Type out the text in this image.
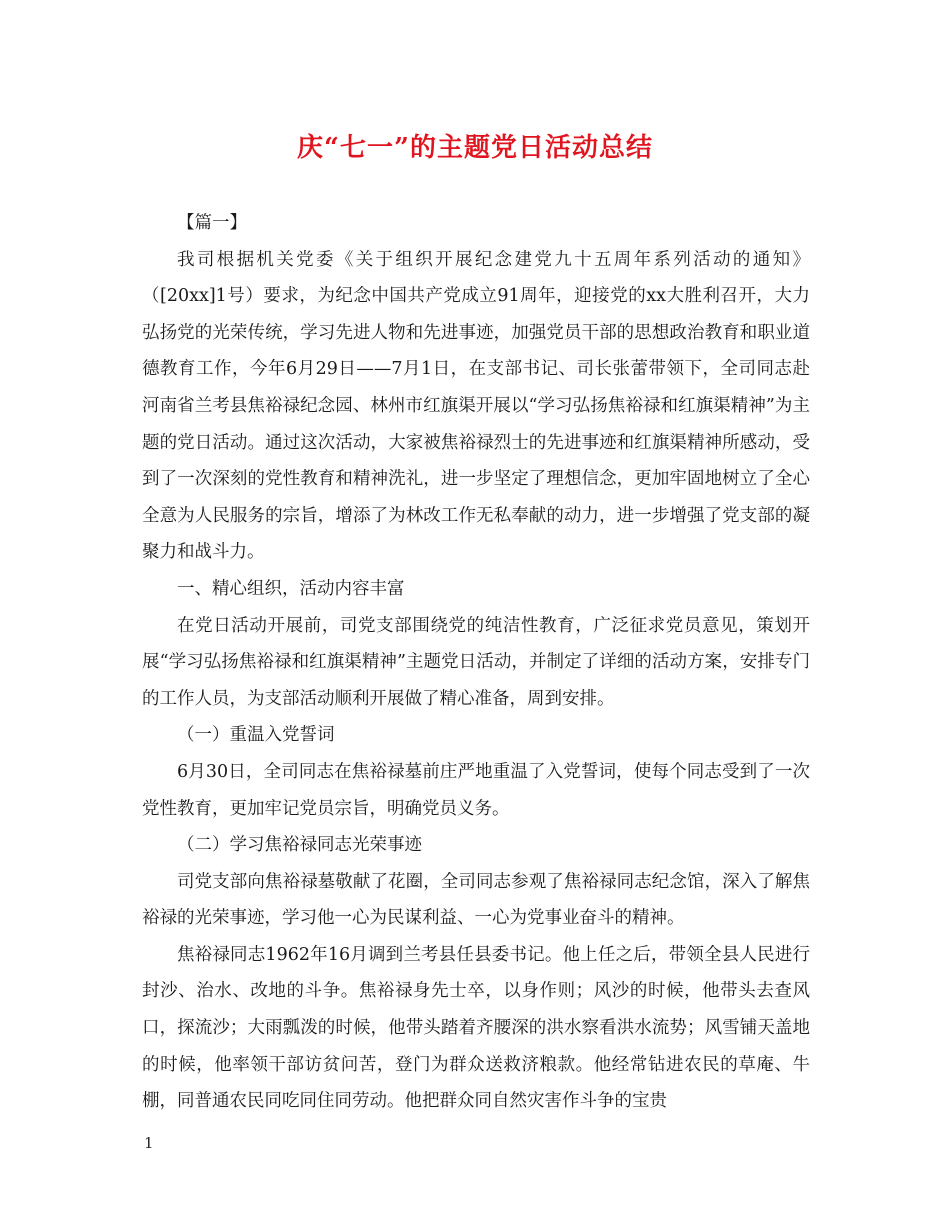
庆“七一”的主题党日活动总结

【篇一】

我司根据机关党委《关于组织开展纪念建党九十五周年系列活动的通知》（[20xx]1号）要求，为纪念中国共产党成立91周年，迎接党的xx大胜利召开，大力弘扬党的光荣传统，学习先进人物和先进事迹，加强党员干部的思想政治教育和职业道德教育工作，今年6月29日——7月1日，在支部书记、司长张蕾带领下，全司同志赴河南省兰考县焦裕禄纪念园、林州市红旗渠开展以“学习弘扬焦裕禄和红旗渠精神”为主题的党日活动。通过这次活动，大家被焦裕禄烈士的先进事迹和红旗渠精神所感动，受到了一次深刻的党性教育和精神洗礼，进一步坚定了理想信念，更加牢固地树立了全心全意为人民服务的宗旨，增添了为林改工作无私奉献的动力，进一步增强了党支部的凝聚力和战斗力。

一、精心组织，活动内容丰富

在党日活动开展前，司党支部围绕党的纯洁性教育，广泛征求党员意见，策划开展“学习弘扬焦裕禄和红旗渠精神”主题党日活动，并制定了详细的活动方案，安排专门的工作人员，为支部活动顺利开展做了精心准备，周到安排。

（一）重温入党誓词

6月30日，全司同志在焦裕禄墓前庄严地重温了入党誓词，使每个同志受到了一次党性教育，更加牢记党员宗旨，明确党员义务。

（二）学习焦裕禄同志光荣事迹

司党支部向焦裕禄墓敬献了花圈，全司同志参观了焦裕禄同志纪念馆，深入了解焦裕禄的光荣事迹，学习他一心为民谋利益、一心为党事业奋斗的精神。

焦裕禄同志1962年16月调到兰考县任县委书记。他上任之后，带领全县人民进行封沙、治水、改地的斗争。焦裕禄身先士卒，以身作则；风沙的时候，他带头去查风口，探流沙；大雨瓢泼的时候，他带头踏着齐腰深的洪水察看洪水流势；风雪铺天盖地的时候，他率领干部访贫问苦，登门为群众送救济粮款。他经常钻进农民的草庵、牛棚，同普通农民同吃同住同劳动。他把群众同自然灾害作斗争的宝贵

1
